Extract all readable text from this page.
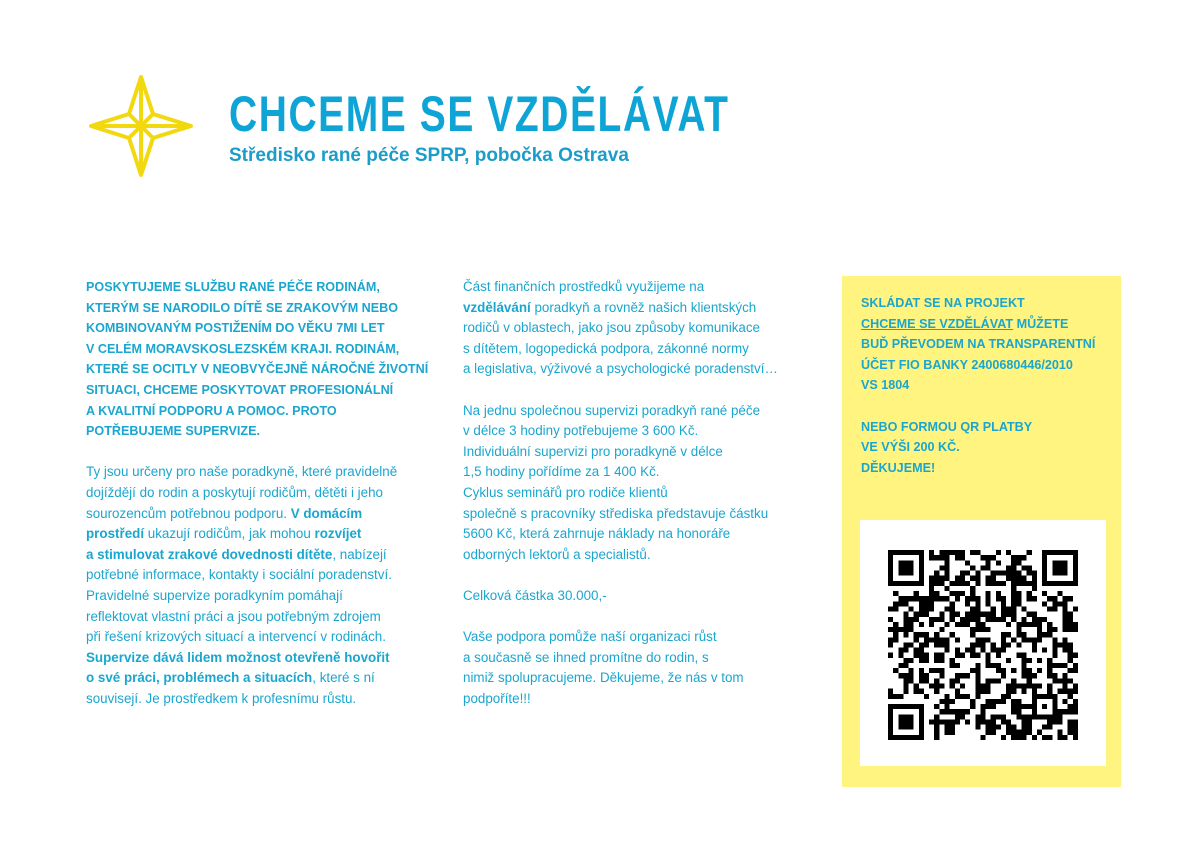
CHCEME SE VZDĚLÁVAT
Středisko rané péče SPRP, pobočka Ostrava

POSKYTUJEME SLUŽBU RANÉ PÉČE RODINÁM,
KTERÝM SE NARODILO DÍTĚ SE ZRAKOVÝM NEBO
KOMBINOVANÝM POSTIŽENÍM DO VĚKU 7MI LET
V CELÉM MORAVSKOSLEZSKÉM KRAJI. RODINÁM,
KTERÉ SE OCITLY V NEOBVYČEJNĚ NÁROČNÉ ŽIVOTNÍ
SITUACI, CHCEME POSKYTOVAT PROFESIONÁLNÍ
A KVALITNÍ PODPORU A POMOC. PROTO
POTŘEBUJEME SUPERVIZE.

Ty jsou určeny pro naše poradkyně, které pravidelně
dojíždějí do rodin a poskytují rodičům, dětěti i jeho
sourozencům potřebnou podporu. V domácím
prostředí ukazují rodičům, jak mohou rozvíjet
a stimulovat zrakové dovednosti dítěte, nabízejí
potřebné informace, kontakty i sociální poradenství.
Pravidelné supervize poradkyním pomáhají
reflektovat vlastní práci a jsou potřebným zdrojem
při řešení krizových situací a intervencí v rodinách.
Supervize dává lidem možnost otevřeně hovořit
o své práci, problémech a situacích, které s ní
souvisejí. Je prostředkem k profesnímu růstu.

Část finančních prostředků využijeme na
vzdělávání poradkyň a rovněž našich klientských
rodičů v oblastech, jako jsou způsoby komunikace
s dítětem, logopedická podpora, zákonné normy
a legislativa, výživové a psychologické poradenství…

Na jednu společnou supervizi poradkyň rané péče
v délce 3 hodiny potřebujeme 3 600 Kč.
Individuální supervizi pro poradkyně v délce
1,5 hodiny pořídíme za 1 400 Kč.
Cyklus seminářů pro rodiče klientů
společně s pracovníky střediska představuje částku
5600 Kč, která zahrnuje náklady na honoráře
odborných lektorů a specialistů.

Celková částka 30.000,-

Vaše podpora pomůže naší organizaci růst
a současně se ihned promítne do rodin, s
nimiž spolupracujeme. Děkujeme, že nás v tom
podpoříte!!!

SKLÁDAT SE NA PROJEKT
CHCEME SE VZDĚLÁVAT MŮŽETE
BUĎ PŘEVODEM NA TRANSPARENTNÍ
ÚČET FIO BANKY 2400680446/2010
VS 1804

NEBO FORMOU QR PLATBY
VE VÝŠI 200 KČ.
DĚKUJEME!
